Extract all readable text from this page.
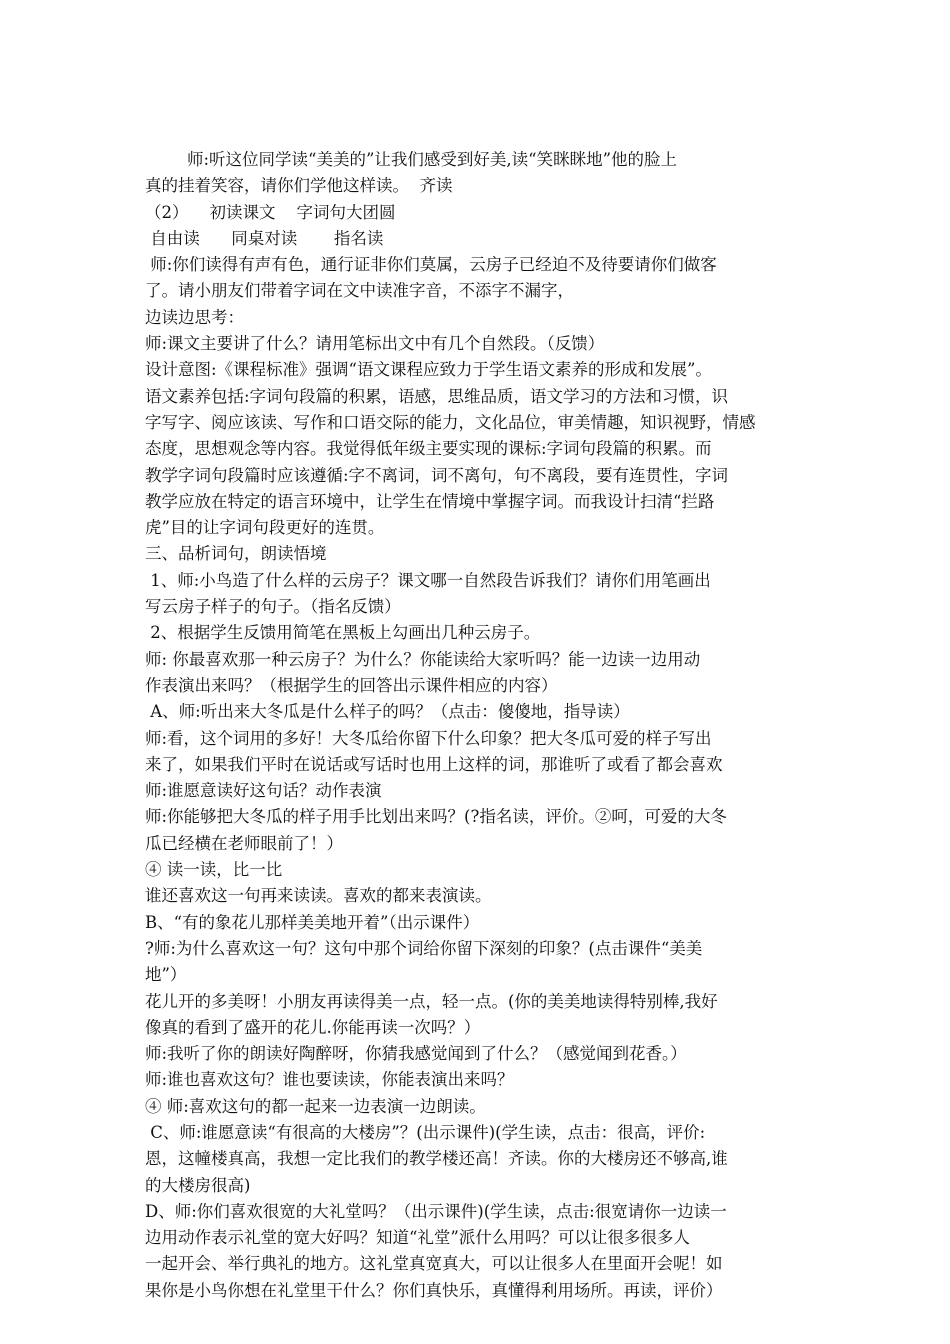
师:听这位同学读“美美的”让我们感受到好美,读“笑眯眯地”他的脸上
真的挂着笑容，请你们学他这样读。  齐读
（2）    初读课文    字词句大团圆
自由读      同桌对读       指名读
师:你们读得有声有色，通行证非你们莫属，云房子已经迫不及待要请你们做客
了。请小朋友们带着字词在文中读准字音，不添字不漏字，
边读边思考：
师:课文主要讲了什么？请用笔标出文中有几个自然段。（反馈）
设计意图:《课程标准》强调“语文课程应致力于学生语文素养的形成和发展”。
语文素养包括:字词句段篇的积累，语感，思维品质，语文学习的方法和习惯，识
字写字、阅应该读、写作和口语交际的能力，文化品位，审美情趣，知识视野，情感
态度，思想观念等内容。我觉得低年级主要实现的课标:字词句段篇的积累。而
教学字词句段篇时应该遵循:字不离词，词不离句，句不离段，要有连贯性，字词
教学应放在特定的语言环境中，让学生在情境中掌握字词。而我设计扫清“拦路
虎”目的让字词句段更好的连贯。
三、品析词句，朗读悟境
1、师:小鸟造了什么样的云房子？课文哪一自然段告诉我们？请你们用笔画出
写云房子样子的句子。（指名反馈）
2、根据学生反馈用简笔在黑板上勾画出几种云房子。
师: 你最喜欢那一种云房子？为什么？你能读给大家听吗？能一边读一边用动
作表演出来吗？（根据学生的回答出示课件相应的内容）
A、师:听出来大冬瓜是什么样子的吗？（点击：傻傻地，指导读）
师:看，这个词用的多好！大冬瓜给你留下什么印象？把大冬瓜可爱的样子写出
来了，如果我们平时在说话或写话时也用上这样的词，那谁听了或看了都会喜欢
师:谁愿意读好这句话？动作表演
师:你能够把大冬瓜的样子用手比划出来吗？(?指名读，评价。②呵，可爱的大冬
瓜已经横在老师眼前了！）
④ 读一读，比一比
谁还喜欢这一句再来读读。喜欢的都来表演读。
B、“有的象花儿那样美美地开着”（出示课件）
?师:为什么喜欢这一句？这句中那个词给你留下深刻的印象？(点击课件“美美
地”）
花儿开的多美呀！小朋友再读得美一点，轻一点。(你的美美地读得特别棒,我好
像真的看到了盛开的花儿.你能再读一次吗？）
师:我听了你的朗读好陶醉呀，你猜我感觉闻到了什么？（感觉闻到花香。）
师:谁也喜欢这句？谁也要读读，你能表演出来吗？
④ 师:喜欢这句的都一起来一边表演一边朗读。
C、师:谁愿意读“有很高的大楼房”？(出示课件)(学生读，点击：很高，评价:
恩，这幢楼真高，我想一定比我们的教学楼还高！齐读。你的大楼房还不够高,谁
的大楼房很高)
D、师:你们喜欢很宽的大礼堂吗？（出示课件)(学生读，点击:很宽请你一边读一
边用动作表示礼堂的宽大好吗？知道“礼堂”派什么用吗？可以让很多很多人
一起开会、举行典礼的地方。这礼堂真宽真大，可以让很多人在里面开会呢！如
果你是小鸟你想在礼堂里干什么？你们真快乐，真懂得利用场所。再读，评价）
